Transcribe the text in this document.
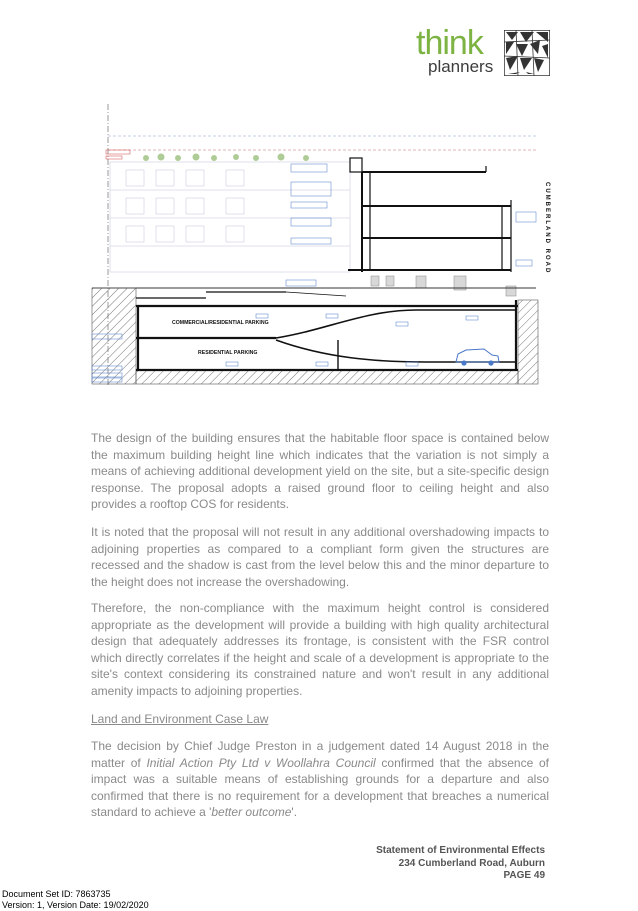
think
planners
COMMERCIAL/RESIDENTIAL PARKING
RESIDENTIAL PARKING
CUMBERLAND ROAD

The design of the building ensures that the habitable floor space is contained below the maximum building height line which indicates that the variation is not simply a means of achieving additional development yield on the site, but a site-specific design response. The proposal adopts a raised ground floor to ceiling height and also provides a rooftop COS for residents.

It is noted that the proposal will not result in any additional overshadowing impacts to adjoining properties as compared to a compliant form given the structures are recessed and the shadow is cast from the level below this and the minor departure to the height does not increase the overshadowing.

Therefore, the non-compliance with the maximum height control is considered appropriate as the development will provide a building with high quality architectural design that adequately addresses its frontage, is consistent with the FSR control which directly correlates if the height and scale of a development is appropriate to the site's context considering its constrained nature and won't result in any additional amenity impacts to adjoining properties.

Land and Environment Case Law

The decision by Chief Judge Preston in a judgement dated 14 August 2018 in the matter of Initial Action Pty Ltd v Woollahra Council confirmed that the absence of impact was a suitable means of establishing grounds for a departure and also confirmed that there is no requirement for a development that breaches a numerical standard to achieve a 'better outcome'.

Statement of Environmental Effects
234 Cumberland Road, Auburn
PAGE 49
Document Set ID: 7863735
Version: 1, Version Date: 19/02/2020
